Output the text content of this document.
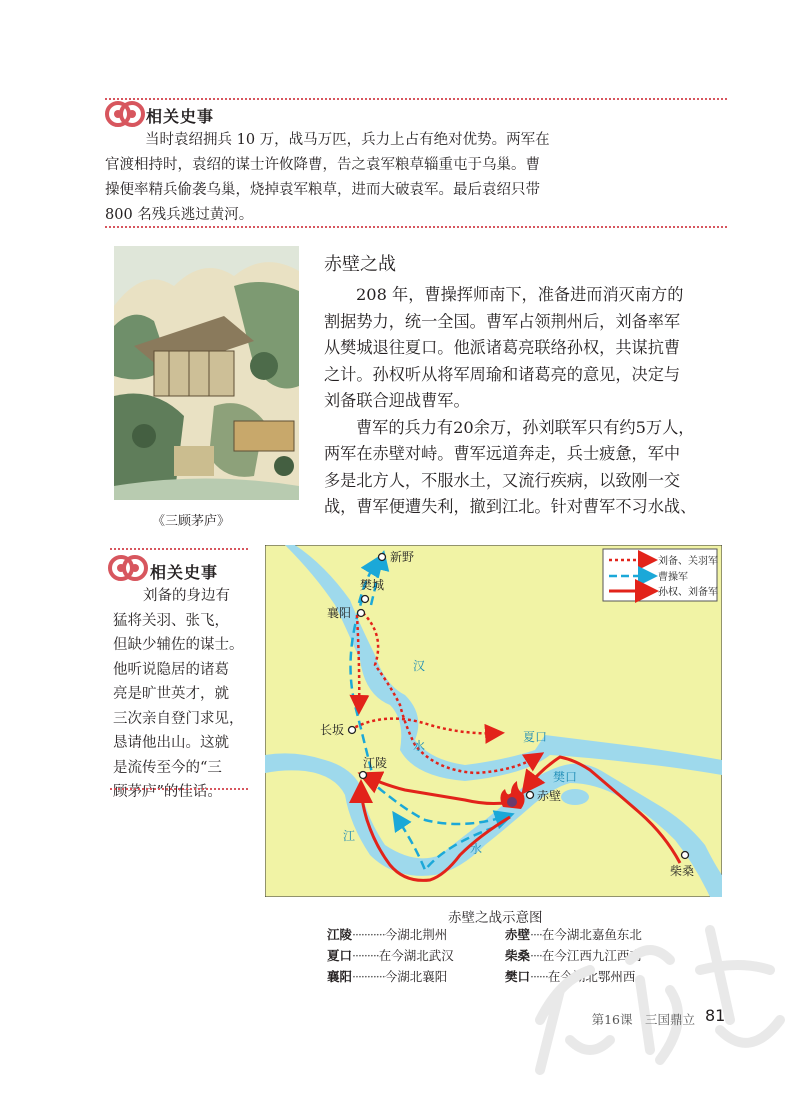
相关史事

当时袁绍拥兵 10 万，战马万匹，兵力上占有绝对优势。两军在

官渡相持时，袁绍的谋士许攸降曹，告之袁军粮草辎重屯于乌巢。曹

操便率精兵偷袭乌巢，烧掉袁军粮草，进而大破袁军。最后袁绍只带

800 名残兵逃过黄河。

《三顾茅庐》
赤壁之战

208 年，曹操挥师南下，准备进而消灭南方的

割据势力，统一全国。曹军占领荆州后，刘备率军

从樊城退往夏口。他派诸葛亮联络孙权，共谋抗曹

之计。孙权听从将军周瑜和诸葛亮的意见，决定与

刘备联合迎战曹军。

曹军的兵力有20余万，孙刘联军只有约5万人，

两军在赤壁对峙。曹军远道奔走，兵士疲惫，军中

多是北方人，不服水土，又流行疾病，以致刚一交

战，曹军便遭失利，撤到江北。针对曹军不习水战、

相关史事

刘备的身边有

猛将关羽、张飞，

但缺少辅佐的谋士。

他听说隐居的诸葛

亮是旷世英才，就

三次亲自登门求见，

恳请他出山。这就

是流传至今的“三

顾茅庐”的佳话。

新野
樊城
襄阳
长坂
江陵
夏口
樊口
赤壁
柴桑
汉
水
江
水
刘备、关羽军
曹操军
孙权、刘备军
赤壁之战示意图
江陵 ··········· 今湖北荆州
夏口 ········· 在今湖北武汉
襄阳 ··········· 今湖北襄阳
赤壁 ···· 在今湖北嘉鱼东北
柴桑 ···· 在今江西九江西南
樊口 ······ 在今湖北鄂州西
第16课　三国鼎立 81
